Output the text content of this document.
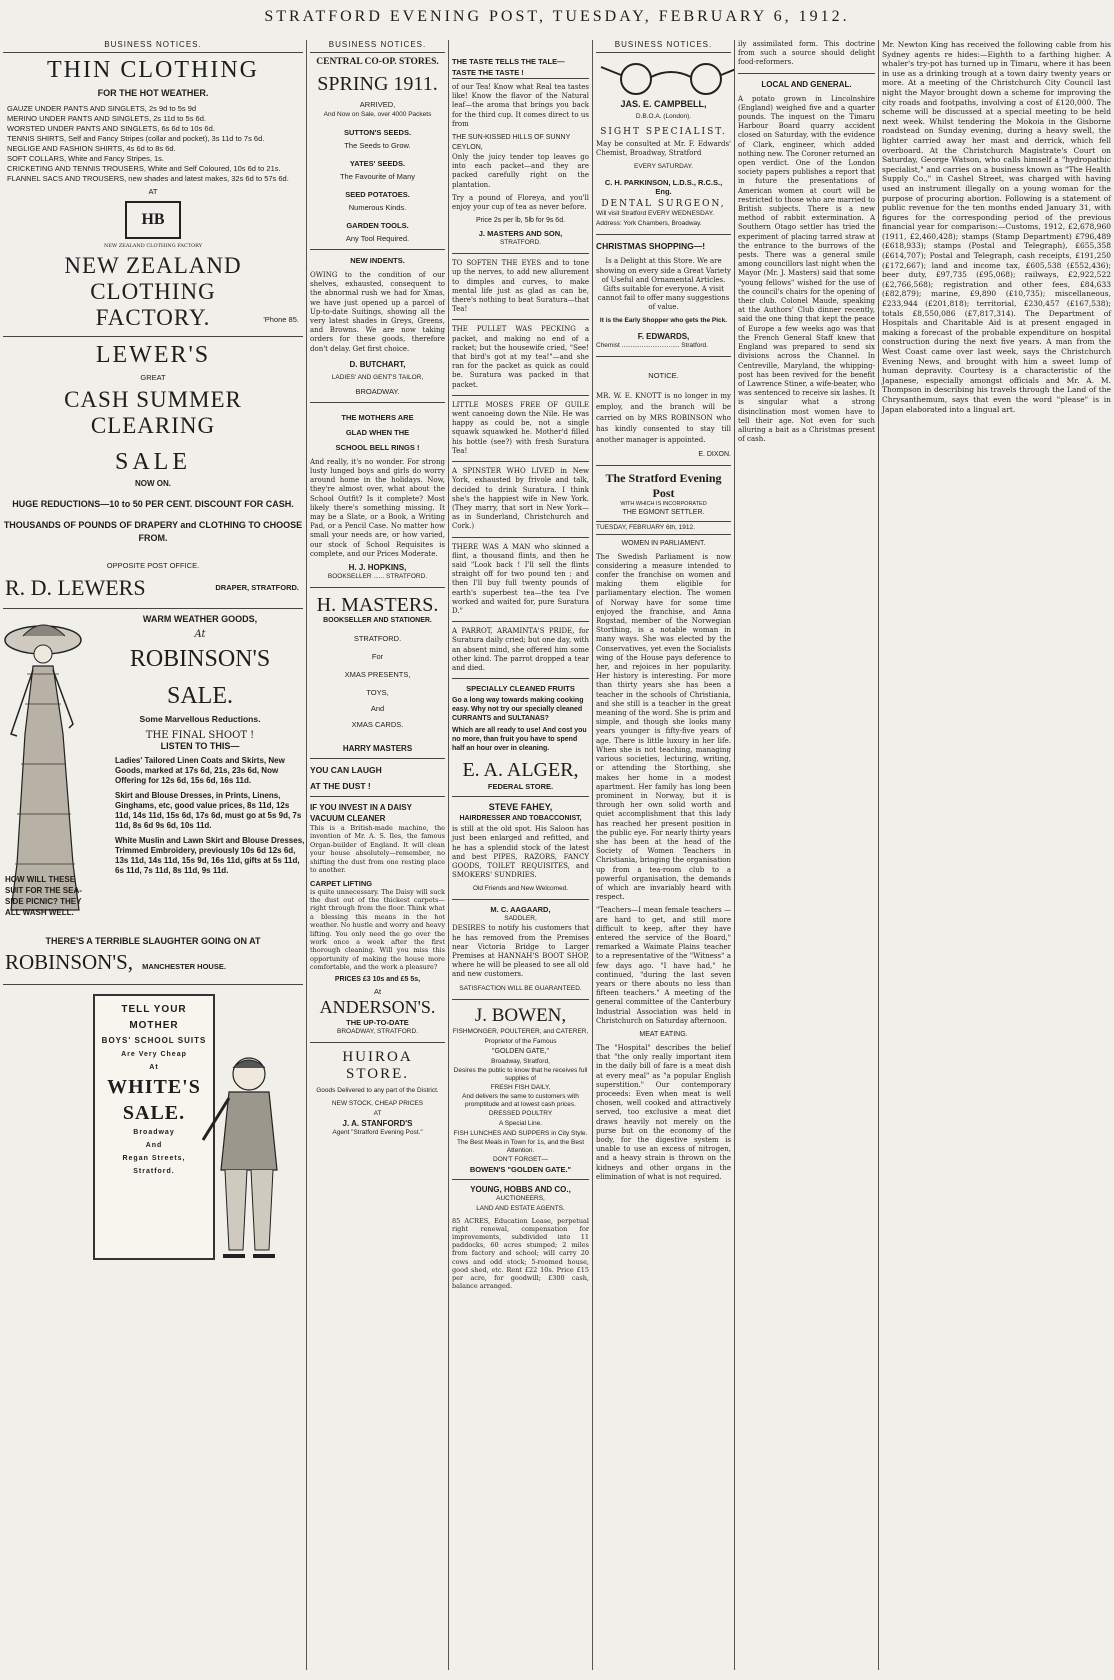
STRATFORD EVENING POST, TUESDAY, FEBRUARY 6, 1912.
BUSINESS NOTICES.
THIN CLOTHING
FOR THE HOT WEATHER.
GAUZE UNDER PANTS AND SINGLETS, 2s 9d to 5s 9d
MERINO UNDER PANTS AND SINGLETS, 2s 11d to 5s 6d.
WORSTED UNDER PANTS AND SINGLETS, 6s 6d to 10s 6d.
TENNIS SHIRTS, Self and Fancy Stripes (collar and pocket), 3s 11d to 7s 6d.
NEGLIGE AND FASHION SHIRTS, 4s 6d to 8s 6d.
SOFT COLLARS, White and Fancy Stripes, 1s.
CRICKETING AND TENNIS TROUSERS, White and Self Coloured, 10s 6d to 21s.
FLANNEL SACS AND TROUSERS, new shades and latest makes, 32s 6d to 57s 6d.
AT
HB
NEW ZEALAND CLOTHING FACTORY
NEW ZEALAND CLOTHING
FACTORY.	'Phone 85.
LEWER'S
GREAT
CASH SUMMER CLEARING
SALE
NOW ON.
HUGE REDUCTIONS—10 to 50 PER CENT. DISCOUNT FOR CASH.
THOUSANDS OF POUNDS OF DRAPERY and CLOTHING TO CHOOSE FROM.
OPPOSITE POST OFFICE.
R. D. LEWERS	DRAPER, STRATFORD.
WARM WEATHER GOODS,
At
ROBINSON'S
SALE.
Some Marvellous Reductions.
THE FINAL SHOOT !
LISTEN TO THIS—
Ladies' Tailored Linen Coats and Skirts, New Goods, marked at 17s 6d, 21s, 23s 6d, Now Offering for 12s 6d, 15s 6d, 16s 11d.
Skirt and Blouse Dresses, in Prints, Linens, Ginghams, etc, good value prices, 8s 11d, 12s 11d, 14s 11d, 15s 6d, 17s 6d, must go at 5s 9d, 7s 11d, 8s 6d 9s 6d, 10s 11d.
White Muslin and Lawn Skirt and Blouse Dresses, Trimmed Embroidery, previously 10s 6d 12s 6d, 13s 11d, 14s 11d, 15s 9d, 16s 11d, gifts at 5s 11d, 6s 11d, 7s 11d, 8s 11d, 9s 11d.
HOW WILL THESE SUIT FOR THE SEA-SIDE PICNIC? THEY ALL WASH WELL.
THERE'S A TERRIBLE SLAUGHTER GOING ON AT
ROBINSON'S, MANCHESTER HOUSE.
TELL YOUR
MOTHER
BOYS' SCHOOL SUITS
Are Very Cheap
At
WHITE'S
SALE.
Broadway
And
Regan Streets,
Stratford.
BUSINESS NOTICES.
CENTRAL CO-OP. STORES.
SPRING 1911.
ARRIVED,
And Now on Sale, over 4000 Packets
SUTTON'S SEEDS.
The Seeds to Grow.
YATES' SEEDS.
The Favourite of Many
SEED POTATOES.
Numerous Kinds.
GARDEN TOOLS.
Any Tool Required.
NEW INDENTS.

OWING to the condition of our shelves, exhausted, consequent to the abnormal rush we had for Xmas, we have just opened up a parcel of Up-to-date Suitings, showing all the very latest shades in Greys, Greens, and Browns. We are now taking orders for these goods, therefore don't delay. Get first choice.

D. BUTCHART,
LADIES' AND GENT'S TAILOR,
BROADWAY.
THE MOTHERS ARE
GLAD WHEN THE
SCHOOL BELL RINGS !

And really, it's no wonder. For strong lusty lunged boys and girls do worry around home in the holidays. Now, they're almost over, what about the School Outfit? Is it complete? Most likely there's something missing. It may be a Slate, or a Book, a Writing Pad, or a Pencil Case. No matter how small your needs are, or how varied, our stock of School Requisites is complete, and our Prices Moderate.

H. J. HOPKINS,
BOOKSELLER ...... STRATFORD.
H. MASTERS.
BOOKSELLER AND STATIONER.
STRATFORD.
For
XMAS PRESENTS,
TOYS,
And
XMAS CARDS.
HARRY MASTERS
YOU CAN LAUGH
AT THE DUST !
IF YOU INVEST IN A DAISY VACUUM CLEANER

This is a British-made machine, the invention of Mr. A. S. Iles, the famous Organ-builder of England. It will clean your house absolutely—remember, no shifting the dust from one resting place to another.

CARPET LIFTING

is quite unnecessary. The Daisy will suck the dust out of the thickest carpets—right through from the floor. Think what a blessing this means in the hot weather. No hustle and worry and heavy lifting. You only need the go over the work once a week after the first thorough cleaning. Will you miss this opportunity of making the house more comfortable, and the work a pleasure?

PRICES £3 10s and £5 5s,
At
ANDERSON'S.
THE UP-TO-DATE
BROADWAY, STRATFORD.
HUIROA STORE.
Goods Delivered to any part of the District.
NEW STOCK, CHEAP PRICES
AT
J. A. STANFORD'S
Agent "Stratford Evening Post."
THE TASTE TELLS THE TALE— TASTE THE TASTE !

of our Tea! Know what Real tea tastes like! Know the flavor of the Natural leaf—the aroma that brings you back for the third cup. It comes direct to us from

THE SUN-KISSED HILLS OF SUNNY CEYLON,

Only the juicy tender top leaves go into each packet—and they are packed carefully right on the plantation.

Try a pound of Floreya, and you'll enjoy your cup of tea as never before.

Price 2s per lb, 5lb for 9s 6d.
J. MASTERS AND SON,
STRATFORD.

TO SOFTEN THE EYES and to tone up the nerves, to add new allurement to dimples and curves, to make mental life just as glad as can be, there's nothing to beat Suratura—that Tea!

THE PULLET WAS PECKING a packet, and making no end of a racket; but the housewife cried, "See! that bird's got at my tea!"—and she ran for the packet as quick as could be. Suratura was packed in that packet.

LITTLE MOSES FREE OF GUILE went canoeing down the Nile. He was happy as could be, not a single squawk squawked he. Mother'd filled his bottle (see?) with fresh Suratura Tea!

A SPINSTER WHO LIVED in New York, exhausted by frivole and talk, decided to drink Suratura. I think she's the happiest wife in New York. (They marry, that sort in New York—as in Sunderland, Christchurch and Cork.)

THERE WAS A MAN who skinned a flint, a thousand flints, and then he said "Look back ! I'll sell the flints straight off for two pound ten ; and then I'll buy full twenty pounds of earth's superbest tea—the tea I've worked and waited for, pure Suratura D."

A PARROT, ARAMINTA'S PRIDE, for Suratura daily cried; but one day, with an absent mind, she offered him some other kind. The parrot dropped a tear and died.

SPECIALLY CLEANED FRUITS
Go a long way towards making cooking easy. Why not try our specially cleaned CURRANTS and SULTANAS?
Which are all ready to use! And cost you no more, than fruit you have to spend half an hour over in cleaning.
E. A. ALGER,
FEDERAL STORE.
STEVE FAHEY,
HAIRDRESSER AND TOBACCONIST,

is still at the old spot. His Saloon has just been enlarged and refitted, and he has a splendid stock of the latest and best PIPES, RAZORS, FANCY GOODS, TOILET REQUISITES, and SMOKERS' SUNDRIES.

Old Friends and New Welcomed.
M. C. AAGAARD,
SADDLER,

DESIRES to notify his customers that he has removed from the Premises near Victoria Bridge to Larger Premises at HANNAH'S BOOT SHOP, where he will be pleased to see all old and new customers.

SATISFACTION WILL BE GUARANTEED.
J. BOWEN,
FISHMONGER, POULTERER, and CATERER,
Proprietor of the Famous
"GOLDEN GATE,"
Broadway, Stratford,
Desires the public to know that he receives full supplies of
FRESH FISH DAILY,
And delivers the same to customers with promptitude and at lowest cash prices.
DRESSED POULTRY
A Special Line.
FISH LUNCHES AND SUPPERS in City Style.
The Best Meals in Town for 1s, and the Best Attention.
DON'T FORGET—
BOWEN'S "GOLDEN GATE."
YOUNG, HOBBS AND CO.,
AUCTIONEERS,
LAND AND ESTATE AGENTS.

85 ACRES, Education Lease, perpetual right renewal, compensation for improvements, subdivided into 11 paddocks, 60 acres stumped; 2 miles from factory and school; will carry 20 cows and odd stock; 5-roomed house, good shed, etc. Rent £22 10s. Price £15 per acre, for goodwill; £300 cash, balance arranged.

BUSINESS NOTICES.
JAS. E. CAMPBELL,
D.B.O.A. (London).
SIGHT SPECIALIST.

May be consulted at Mr. F. Edwards' Chemist, Broadway, Stratford

EVERY SATURDAY.
C. H. PARKINSON, L.D.S., R.C.S., Eng.
DENTAL SURGEON,
Will visit Stratford EVERY WEDNESDAY.
Address: York Chambers, Broadway.
CHRISTMAS SHOPPING—!

Is a Delight at this Store. We are showing on every side a Great Variety of Useful and Ornamental Articles. Gifts suitable for everyone. A visit cannot fail to offer many suggestions of value.

It is the Early Shopper who gets the Pick.
F. EDWARDS,
Chemist ................................ Stratford.
NOTICE.

MR. W. E. KNOTT is no longer in my employ, and the branch will be carried on by MRS ROBINSON who has kindly consented to stay till another manager is appointed.

E. DIXON.
The Stratford Evening Post
WITH WHICH IS INCORPORATED
THE EGMONT SETTLER.
TUESDAY, FEBRUARY 6th, 1912.
WOMEN IN PARLIAMENT.

The Swedish Parliament is now considering a measure intended to confer the franchise on women and making them eligible for parliamentary election. The women of Norway have for some time enjoyed the franchise, and Anna Rogstad, member of the Norwegian Storthing, is a notable woman in many ways. She was elected by the Conservatives, yet even the Socialists wing of the House pays deference to her, and rejoices in her popularity. Her history is interesting. For more than thirty years she has been a teacher in the schools of Christiania, and she still is a teacher in the great meaning of the word. She is prim and simple, and though she looks many years younger is fifty-five years of age. There is little luxury in her life. When she is not teaching, managing various societies, lecturing, writing, or attending the Storthing, she makes her home in a modest apartment. Her family has long been prominent in Norway, but it is through her own solid worth and quiet accomplishment that this lady has reached her present position in the public eye. For nearly thirty years she has been at the head of the Society of Women Teachers in Christiania, bringing the organisation up from a tea-room club to a powerful organisation, the demands of which are invariably heard with respect.

"Teachers—I mean female teachers —are hard to get, and still more difficult to keep, after they have entered the service of the Board," remarked a Waimate Plains teacher to a representative of the "Witness" a few days ago. "I have had," he continued, "during the last seven years or there abouts no less than fifteen teachers." A meeting of the general committee of the Canterbury Industrial Association was held in Christchurch on Saturday afternoon.

MEAT EATING.

The "Hospital" describes the belief that "the only really important item in the daily bill of fare is a meat dish at every meal" as "a popular English superstition." Our contemporary proceeds: Even when meat is well chosen, well cooked and attractively served, too exclusive a meat diet draws heavily not merely on the purse but on the economy of the body, for the digestive system is unable to use an excess of nitrogen, and a heavy strain is thrown on the kidneys and other organs in the elimination of what is not required.

ily assimilated form. This doctrine from such a source should delight food-reformers.

LOCAL AND GENERAL.

A potato grown in Lincolnshire (England) weighed five and a quarter pounds. The inquest on the Timaru Harbour Board quarry accident closed on Saturday, with the evidence of Clark, engineer, which added nothing new. The Coroner returned an open verdict. One of the London society papers publishes a report that in future the presentations of American women at court will be restricted to those who are married to British subjects. There is a new method of rabbit extermination. A Southern Otago settler has tried the experiment of placing tarred straw at the entrance to the burrows of the pests. There was a general smile among councillors last night when the Mayor (Mr. J. Masters) said that some "young fellows" wished for the use of the council's chairs for the opening of their club. Colonel Maude, speaking at the Authors' Club dinner recently, said the one thing that kept the peace of Europe a few weeks ago was that the French General Staff knew that England was prepared to send six divisions across the Channel. In Centreville, Maryland, the whipping-post has been revived for the benefit of Lawrence Stiner, a wife-beater, who was sentenced to receive six lashes. It is singular what a strong disinclination most women have to tell their age. Not even for such alluring a bait as a Christmas present of cash.

Mr. Newton King has received the following cable from his Sydney agents re hides:—Eighth to a farthing higher. A whaler's try-pot has turned up in Timaru, where it has been in use as a drinking trough at a town dairy twenty years or more. At a meeting of the Christchurch City Council last night the Mayor brought down a scheme for improving the city roads and footpaths, involving a cost of £120,000. The scheme will be discussed at a special meeting to be held next week. Whilst tendering the Mokoia in the Gisborne roadstead on Sunday evening, during a heavy swell, the lighter carried away her mast and derrick, which fell overboard. At the Christchurch Magistrate's Court on Saturday, George Watson, who calls himself a "hydropathic specialist," and carries on a business known as "The Health Supply Co.," in Cashel Street, was charged with having used an instrument illegally on a young woman for the purpose of procuring abortion. Following is a statement of public revenue for the ten months ended January 31, with figures for the corresponding period of the previous financial year for comparison:—Customs, 1912, £2,678,960 (1911, £2,460,428); stamps (Stamp Department) £796,489 (£618,933); stamps (Postal and Telegraph), £655,358 (£614,707); Postal and Telegraph, cash receipts, £191,250 (£172,667); land and income tax, £605,538 (£552,436); beer duty, £97,735 (£95,068); railways, £2,922,522 (£2,766,568); registration and other fees, £84,633 (£82,879); marine, £9,890 (£10,735); miscellaneous, £233,944 (£201,818); territorial, £230,457 (£167,538); totals £8,550,086 (£7,817,314). The Department of Hospitals and Charitable Aid is at present engaged in making a forecast of the probable expenditure on hospital construction during the next five years. A man from the West Coast came over last week, says the Christchurch Evening News, and brought with him a sweet lump of human depravity. Courtesy is a characteristic of the Japanese, especially amongst officials and Mr. A. M. Thompson in describing his travels through the Land of the Chrysanthemum, says that even the word "please" is in Japan elaborated into a lingual art.
